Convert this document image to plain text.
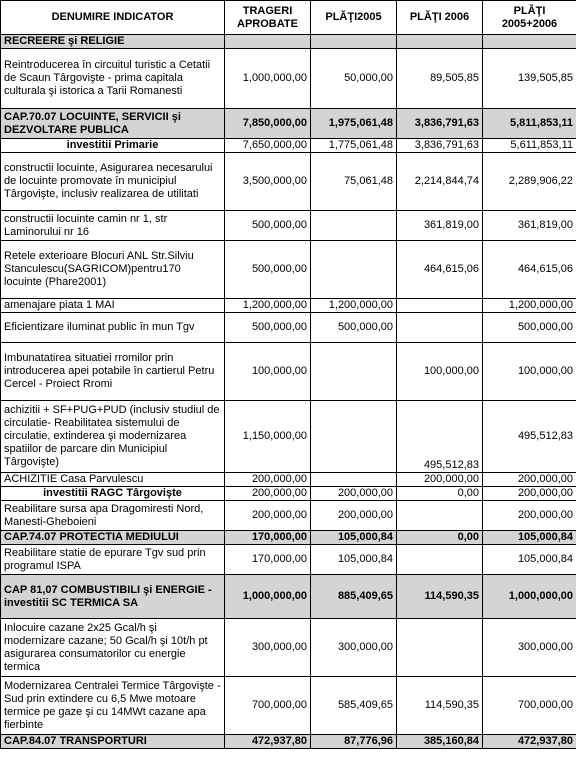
DENUMIRE INDICATOR	TRAGERI APROBATE	PLĂŢI2005	PLĂŢI 2006	PLĂŢI 2005+2006
RECREERE şi RELIGIE				
Reintroducerea în circuitul turistic a Cetatii de Scaun Târgovişte - prima capitala culturala şi istorica a Tarii Romanesti	1,000,000,00	50,000,00	89,505,85	139,505,85
CAP.70.07 LOCUINTE, SERVICII şi DEZVOLTARE PUBLICA	7,850,000,00	1,975,061,48	3,836,791,63	5,811,853,11
investitii Primarie	7,650,000,00	1,775,061,48	3,836,791,63	5,611,853,11
constructii locuinte, Asigurarea necesarului de locuinte promovate în municipiul Târgovişte, inclusiv realizarea de utilitati	3,500,000,00	75,061,48	2,214,844,74	2,289,906,22
constructii locuinte camin nr 1, str Laminorului nr 16	500,000,00		361,819,00	361,819,00
Retele exterioare Blocuri ANL Str.Silviu Stanculescu(SAGRICOM)pentru170 locuinte (Phare2001)	500,000,00		464,615,06	464,615,06
amenajare piata 1 MAI	1,200,000,00	1,200,000,00		1,200,000,00
Eficientizare iluminat public în mun Tgv	500,000,00	500,000,00		500,000,00
Imbunatatirea situatiei rromilor prin introducerea apei potabile în cartierul Petru Cercel - Proiect Rromi	100,000,00		100,000,00	100,000,00
achizitii + SF+PUG+PUD (inclusiv studiul de circulatie- Reabilitatea sistemului de circulatie, extinderea şi modernizarea spatiilor de parcare din Municipiul Târgovişte)	1,150,000,00		495,512,83	495,512,83
ACHIZITIE Casa Parvulescu	200,000,00		200,000,00	200,000,00
investitii RAGC Târgovişte	200,000,00	200,000,00	0,00	200,000,00
Reabilitare sursa apa Dragomiresti Nord, Manesti-Gheboieni	200,000,00	200,000,00		200,000,00
CAP.74.07 PROTECTIA MEDIULUI	170,000,00	105,000,84	0,00	105,000,84
Reabilitare statie de epurare Tgv sud prin programul ISPA	170,000,00	105,000,84		105,000,84
CAP 81,07 COMBUSTIBILI şi ENERGIE - investitii SC TERMICA SA	1,000,000,00	885,409,65	114,590,35	1,000,000,00
Inlocuire cazane 2x25 Gcal/h şi modernizare cazane; 50 Gcal/h şi 10t/h pt asigurarea consumatorilor cu energie termica	300,000,00	300,000,00		300,000,00
Modernizarea Centralei Termice Târgovişte - Sud prin extindere cu 6,5 Mwe motoare termice pe gaze şi cu 14MWt cazane apa fierbinte	700,000,00	585,409,65	114,590,35	700,000,00
CAP.84.07 TRANSPORTURI	472,937,80	87,776,96	385,160,84	472,937,80
